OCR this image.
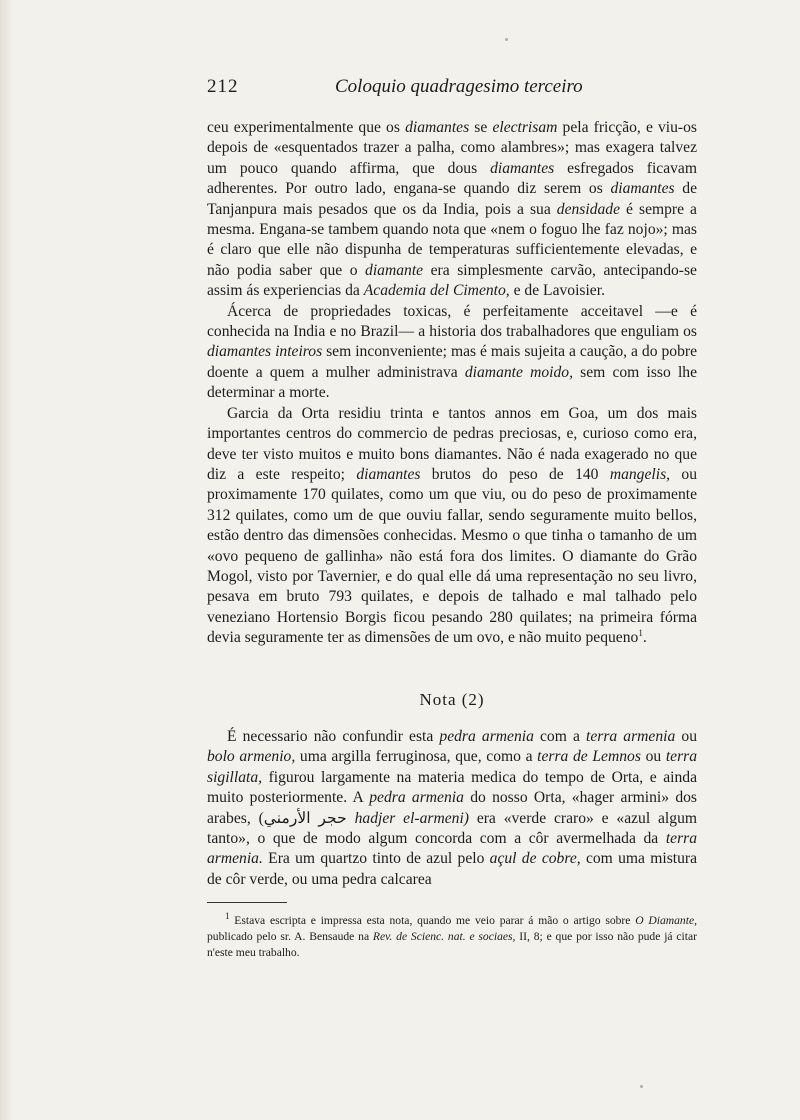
212	Coloquio quadragesimo terceiro

ceu experimentalmente que os diamantes se electrisam pela fricção, e viu-os depois de «esquentados trazer a palha, como alambres»; mas exagera talvez um pouco quando affirma, que dous diamantes esfregados ficavam adherentes. Por outro lado, engana-se quando diz serem os diamantes de Tanjanpura mais pesados que os da India, pois a sua densidade é sempre a mesma. Engana-se tambem quando nota que «nem o foguo lhe faz nojo»; mas é claro que elle não dispunha de temperaturas sufficientemente elevadas, e não podia saber que o diamante era simplesmente carvão, antecipando-se assim ás experiencias da Academia del Cimento, e de Lavoisier.

Ácerca de propriedades toxicas, é perfeitamente acceitavel —e é conhecida na India e no Brazil— a historia dos trabalhadores que enguliam os diamantes inteiros sem inconveniente; mas é mais sujeita a caução, a do pobre doente a quem a mulher administrava diamante moido, sem com isso lhe determinar a morte.

Garcia da Orta residiu trinta e tantos annos em Goa, um dos mais importantes centros do commercio de pedras preciosas, e, curioso como era, deve ter visto muitos e muito bons diamantes. Não é nada exagerado no que diz a este respeito; diamantes brutos do peso de 140 mangelis, ou proximamente 170 quilates, como um que viu, ou do peso de proximamente 312 quilates, como um de que ouviu fallar, sendo seguramente muito bellos, estão dentro das dimensões conhecidas. Mesmo o que tinha o tamanho de um «ovo pequeno de gallinha» não está fora dos limites. O diamante do Grão Mogol, visto por Tavernier, e do qual elle dá uma representação no seu livro, pesava em bruto 793 quilates, e depois de talhado e mal talhado pelo veneziano Hortensio Borgis ficou pesando 280 quilates; na primeira fórma devia seguramente ter as dimensões de um ovo, e não muito pequeno$^1$.

Nota (2)

É necessario não confundir esta pedra armenia com a terra armenia ou bolo armenio, uma argilla ferruginosa, que, como a terra de Lemnos ou terra sigillata, figurou largamente na materia medica do tempo de Orta, e ainda muito posteriormente. A pedra armenia do nosso Orta, «hager armini» dos arabes, (حجر الأرمني hadjer el-armeni) era «verde craro» e «azul algum tanto», o que de modo algum concorda com a côr avermelhada da terra armenia. Era um quartzo tinto de azul pelo açul de cobre, com uma mistura de côr verde, ou uma pedra calcarea

$^1$ Estava escripta e impressa esta nota, quando me veio parar á mão o artigo sobre O Diamante, publicado pelo sr. A. Bensaude na Rev. de Scienc. nat. e sociaes, II, 8; e que por isso não pude já citar n'este meu trabalho.
